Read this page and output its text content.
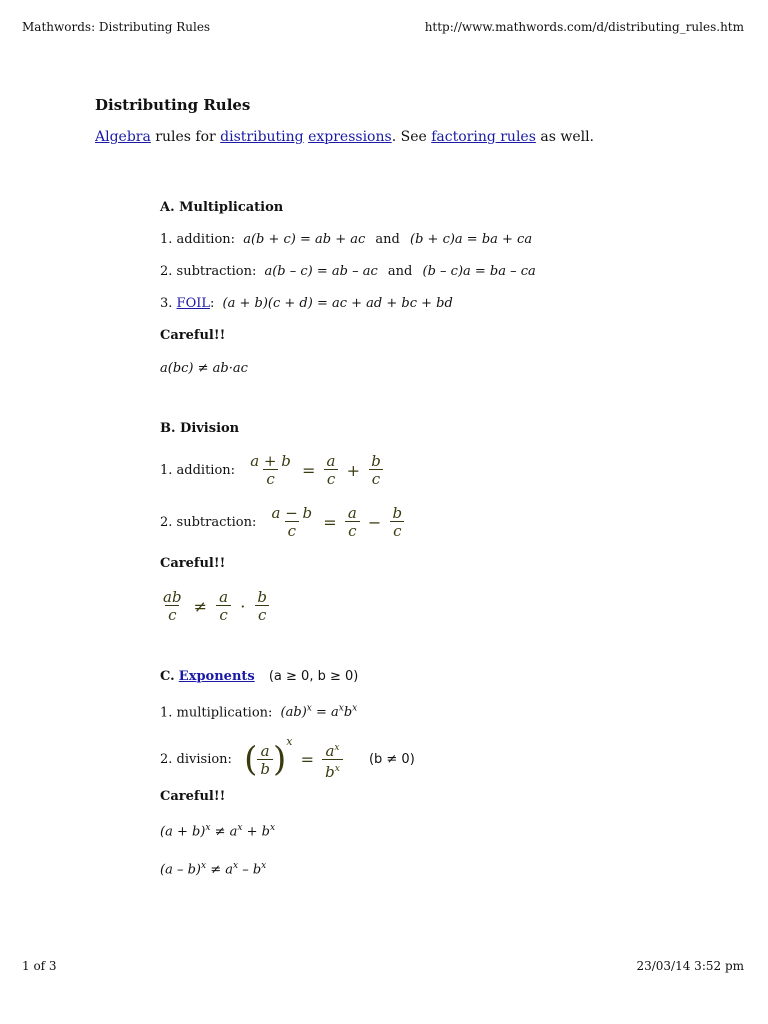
Mathwords: Distributing Rules	http://www.mathwords.com/d/distributing_rules.htm
Distributing Rules
Algebra rules for distributing expressions. See factoring rules as well.
A. Multiplication
1. addition: a(b + c) = ab + ac and (b + c)a = ba + ca
2. subtraction: a(b – c) = ab – ac and (b – c)a = ba – ca
3. FOIL: (a + b)(c + d) = ac + ad + bc + bd
Careful!!
a(bc) ≠ ab·ac
B. Division
1. addition: $\frac{a + b}{c} = \frac{a}{c} + \frac{b}{c}$
2. subtraction: $\frac{a - b}{c} = \frac{a}{c} - \frac{b}{c}$
Careful!!
$\frac{ab}{c} \ne \frac{a}{c} \cdot \frac{b}{c}$
C. Exponents (a ≥ 0, b ≥ 0)
1. multiplication: $(ab)^x = a^xb^x$
2. division: ( $\frac{a}{b} )^x = \frac{a^x}{b^x} (b \ne 0)$
Careful!!
$(a + b)^x \ne a^x + b^x$
$(a - b)^x \ne a^x - b^x$
1 of 3	23/03/14 3:52 pm
